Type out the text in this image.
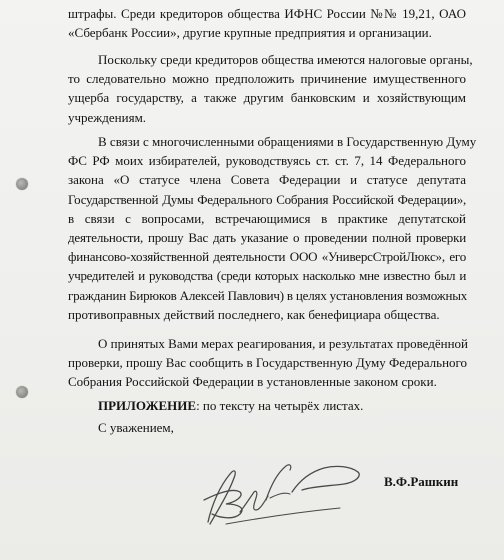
штрафы. Среди кредиторов общества ИФНС России №№ 19,21, ОАО
«Сбербанк России», другие крупные предприятия и организации.
Поскольку среди кредиторов общества имеются налоговые органы,
то следовательно можно предположить причинение имущественного
ущерба государству, а также другим банковским и хозяйствующим
учреждениям.
В связи с многочисленными обращениями в Государственную Думу
ФС РФ моих избирателей, руководствуясь ст. ст. 7, 14 Федерального
закона «О статусе члена Совета Федерации и статусе депутата
Государственной Думы Федерального Собрания Российской Федерации»,
в связи с вопросами, встречающимися в практике депутатской
деятельности, прошу Вас дать указание о проведении полной проверки
финансово-хозяйственной деятельности ООО «УниверсСтройЛюкс», его
учредителей и руководства (среди которых насколько мне известно был и
гражданин Бирюков Алексей Павлович) в целях установления возможных
противоправных действий последнего, как бенефициара общества.
О принятых Вами мерах реагирования, и результатах проведённой
проверки, прошу Вас сообщить в Государственную Думу Федерального
Собрания Российской Федерации в установленные законом сроки.
ПРИЛОЖЕНИЕ: по тексту на четырёх листах.
С уважением,
В.Ф.Рашкин
